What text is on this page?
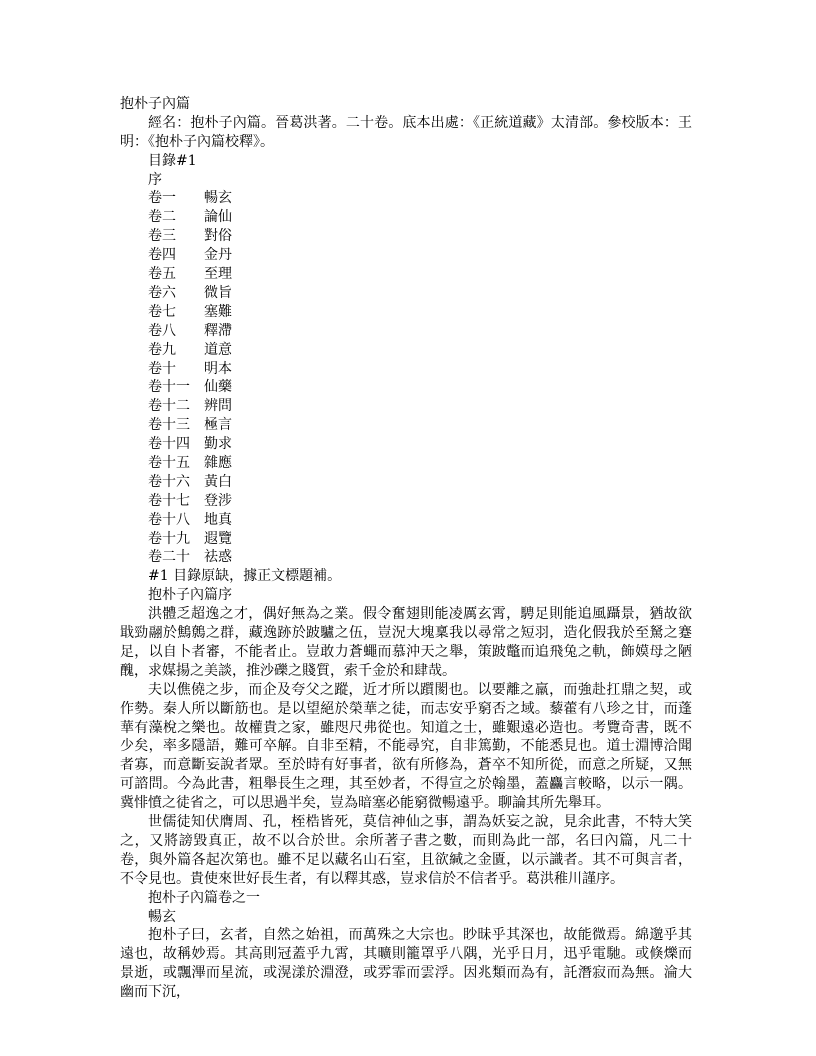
抱朴子內篇

經名：抱朴子內篇。晉葛洪著。二十卷。底本出處：《正統道藏》太清部。參校版本：王明：《抱朴子內篇校釋》。

目錄#1
序
卷一	暢玄
卷二	論仙
卷三	對俗
卷四	金丹
卷五	至理
卷六	微旨
卷七	塞難
卷八	釋滯
卷九	道意
卷十	明本
卷十一	仙藥
卷十二	辨問
卷十三	極言
卷十四	勤求
卷十五	雜應
卷十六	黃白
卷十七	登涉
卷十八	地真
卷十九	遐覽
卷二十	祛惑
#1 目錄原缺，據正文標題補。
抱朴子內篇序

洪體乏超逸之才，偶好無為之業。假令奮翅則能凌厲玄霄，騁足則能追風躡景，猶故欲戢勁翮於鷦鷯之群，藏逸跡於跛驢之伍，豈況大塊稟我以尋常之短羽，造化假我於至駑之蹇足，以自卜者審，不能者止。豈敢力蒼蠅而慕沖天之舉，策跛鼈而追飛兔之軌，飾嫫母之陋醜，求媒揚之美談，推沙礫之賤質，索千金於和肆哉。

夫以僬僥之步，而企及夸父之蹤，近才所以躓閡也。以要離之羸，而強赴扛鼎之契，或作勢。秦人所以斷筋也。是以望絕於榮華之徒，而志安乎窮否之域。藜藿有八珍之甘，而蓬華有藻梲之樂也。故權貴之家，雖咫尺弗從也。知道之士，雖艱遠必造也。考覽奇書，既不少矣，率多隱語，難可卒解。自非至精，不能尋究，自非篤勤，不能悉見也。道士淵博洽聞者寡，而意斷妄說者眾。至於時有好事者，欲有所修為，蒼卒不知所從，而意之所疑，又無可諮問。今為此書，粗舉長生之理，其至妙者，不得宣之於翰墨，蓋麤言較略，以示一隅。冀悱憤之徒省之，可以思過半矣，豈為暗塞必能窮微暢遠乎。聊論其所先舉耳。

世儒徒知伏膺周、孔，桎梏皆死，莫信神仙之事，謂為妖妄之說，見余此書，不特大笑之，又將謗毀真正，故不以合於世。余所著子書之數，而則為此一部，名曰內篇，凡二十卷，與外篇各起次第也。雖不足以藏名山石室，且欲緘之金匱，以示識者。其不可與言者，不令見也。貴使來世好長生者，有以釋其惑，豈求信於不信者乎。葛洪稚川謹序。

抱朴子內篇卷之一
暢玄

抱朴子曰，玄者，自然之始祖，而萬殊之大宗也。眇昧乎其深也，故能微焉。綿邈乎其遠也，故稱妙焉。其高則冠蓋乎九霄，其曠則籠罩乎八隅，光乎日月，迅乎電馳。或倏爍而景逝，或飄滭而星流，或滉漾於淵澄，或雰霏而雲浮。因兆類而為有，託潛寂而為無。淪大幽而下沉，
